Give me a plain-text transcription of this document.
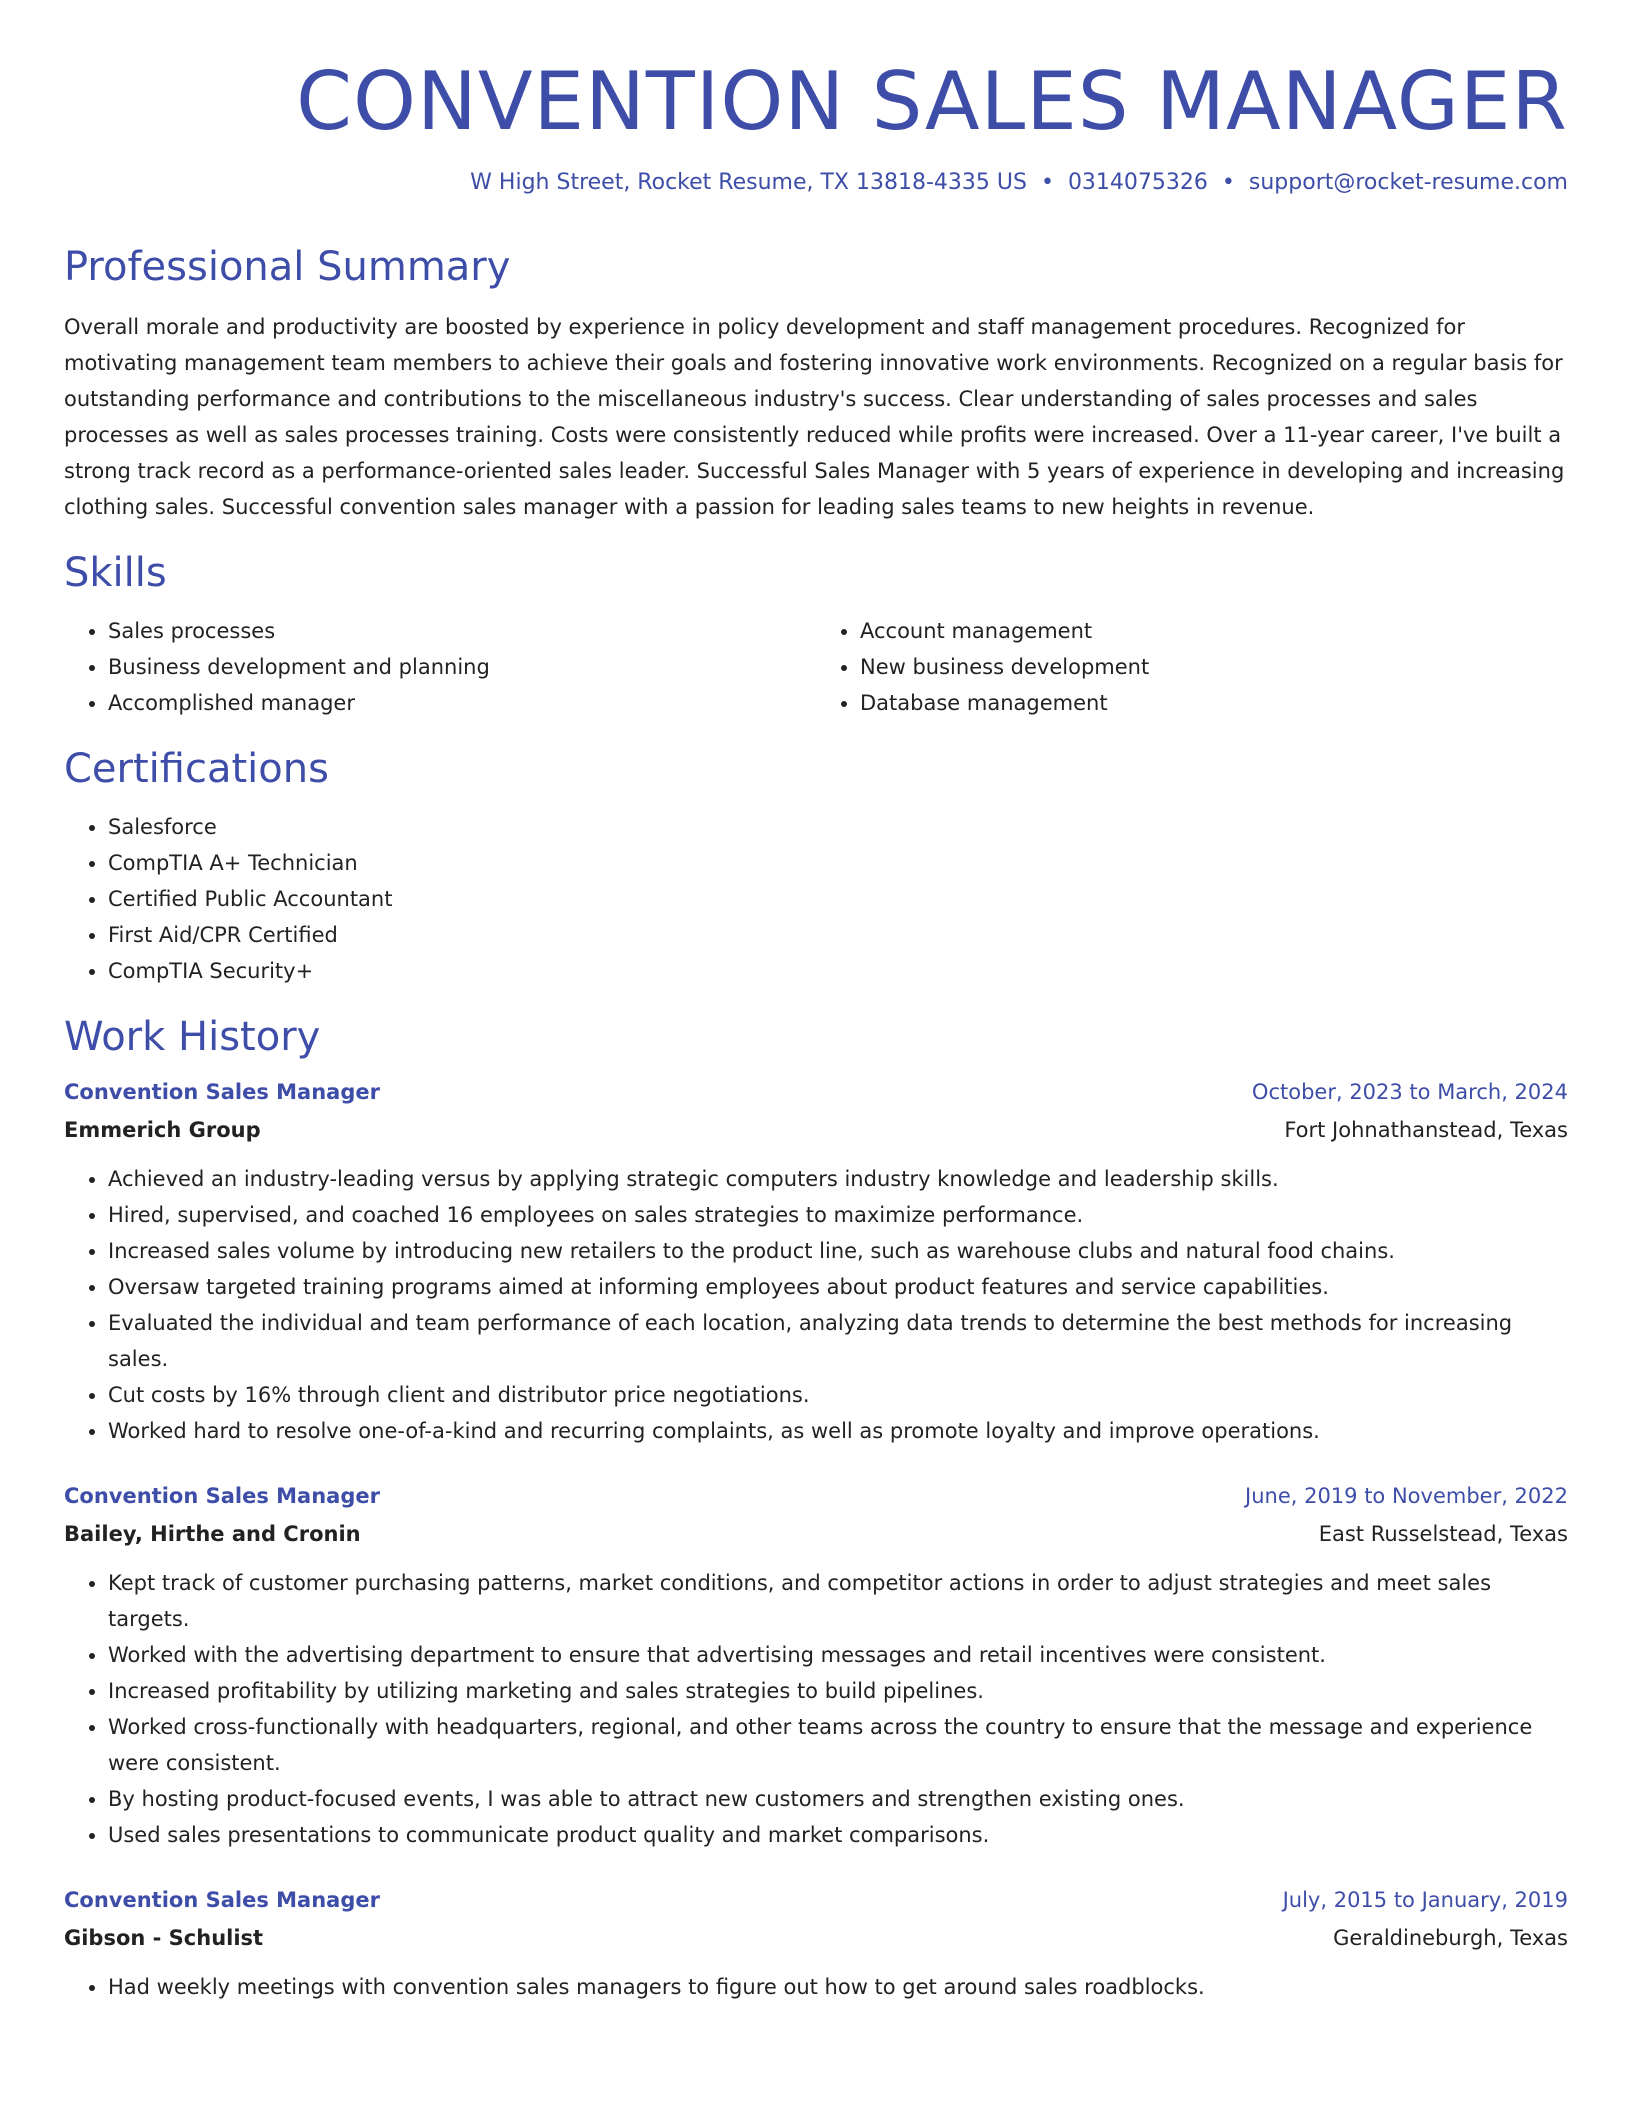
CONVENTION SALES MANAGER
W High Street, Rocket Resume, TX 13818-4335 US • 0314075326 • support@rocket-resume.com
Professional Summary
Overall morale and productivity are boosted by experience in policy development and staff management procedures. Recognized for motivating management team members to achieve their goals and fostering innovative work environments. Recognized on a regular basis for outstanding performance and contributions to the miscellaneous industry's success. Clear understanding of sales processes and sales processes as well as sales processes training. Costs were consistently reduced while profits were increased. Over a 11-year career, I've built a strong track record as a performance-oriented sales leader. Successful Sales Manager with 5 years of experience in developing and increasing clothing sales. Successful convention sales manager with a passion for leading sales teams to new heights in revenue.
Skills
• Sales processes
• Business development and planning
• Accomplished manager
• Account management
• New business development
• Database management
Certifications
• Salesforce
• CompTIA A+ Technician
• Certified Public Accountant
• First Aid/CPR Certified
• CompTIA Security+
Work History
Convention Sales Manager	October, 2023 to March, 2024
Emmerich Group	Fort Johnathanstead, Texas
• Achieved an industry-leading versus by applying strategic computers industry knowledge and leadership skills.
• Hired, supervised, and coached 16 employees on sales strategies to maximize performance.
• Increased sales volume by introducing new retailers to the product line, such as warehouse clubs and natural food chains.
• Oversaw targeted training programs aimed at informing employees about product features and service capabilities.
• Evaluated the individual and team performance of each location, analyzing data trends to determine the best methods for increasing sales.
• Cut costs by 16% through client and distributor price negotiations.
• Worked hard to resolve one-of-a-kind and recurring complaints, as well as promote loyalty and improve operations.
Convention Sales Manager	June, 2019 to November, 2022
Bailey, Hirthe and Cronin	East Russelstead, Texas
• Kept track of customer purchasing patterns, market conditions, and competitor actions in order to adjust strategies and meet sales targets.
• Worked with the advertising department to ensure that advertising messages and retail incentives were consistent.
• Increased profitability by utilizing marketing and sales strategies to build pipelines.
• Worked cross-functionally with headquarters, regional, and other teams across the country to ensure that the message and experience were consistent.
• By hosting product-focused events, I was able to attract new customers and strengthen existing ones.
• Used sales presentations to communicate product quality and market comparisons.
Convention Sales Manager	July, 2015 to January, 2019
Gibson - Schulist	Geraldineburgh, Texas
• Had weekly meetings with convention sales managers to figure out how to get around sales roadblocks.
